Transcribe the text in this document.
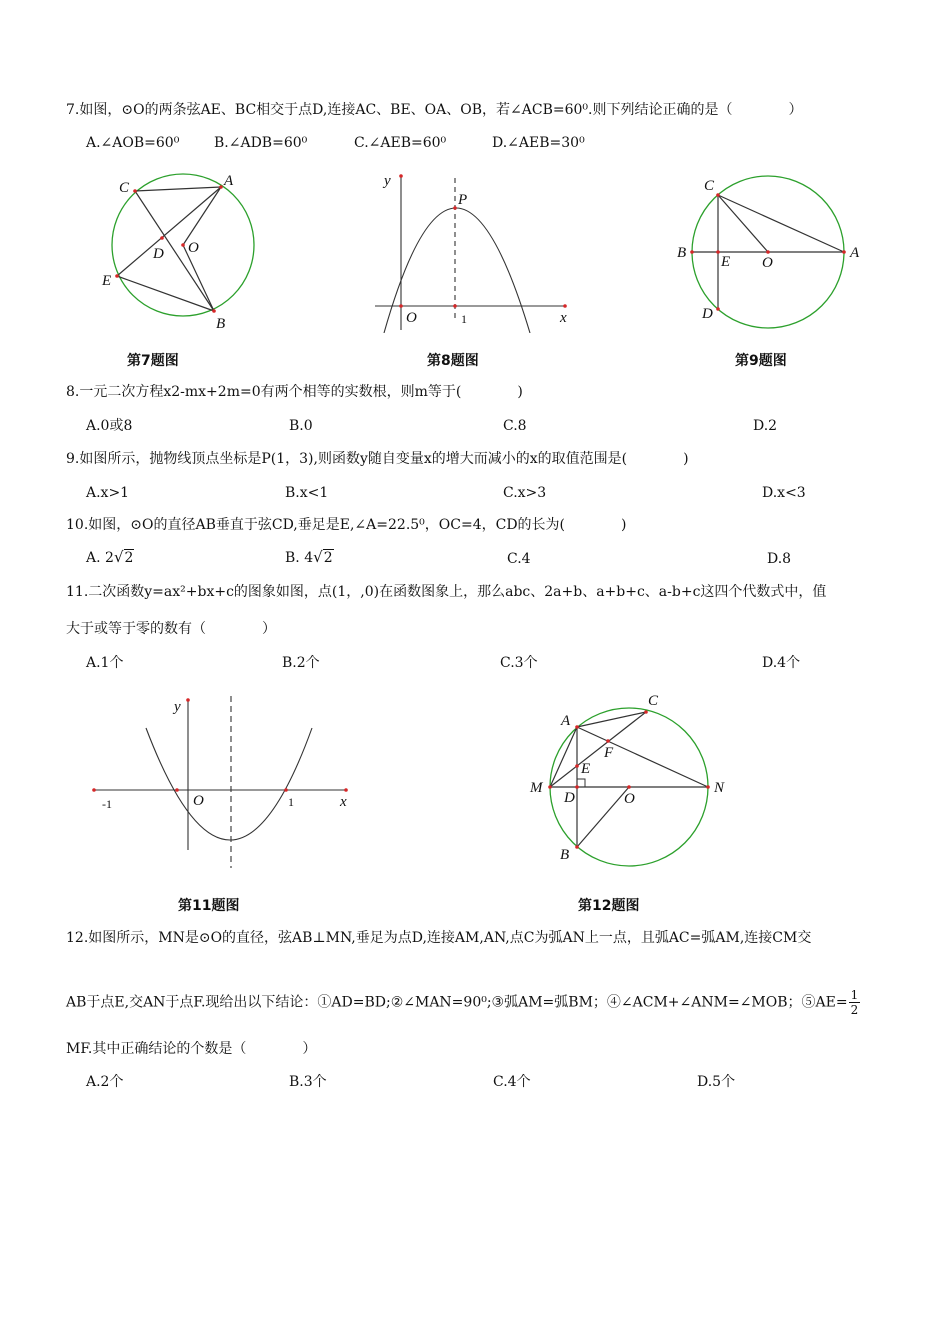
7.如图，⊙O的两条弦AE、BC相交于点D,连接AC、BE、OA、OB，若∠ACB=60⁰.则下列结论正确的是（　　　　）
A.∠AOB=60⁰ B.∠ADB=60⁰	C.∠AEB=60⁰	D.∠AEB=30⁰
C	A
D O
E
B
第7题图
y
P
O	1	x
第8题图
C
B
E O
A
D
第9题图
8.一元二次方程x2-mx+2m=0有两个相等的实数根，则m等于(　　　　)
A.0或8	B.0	C.8	D.2
9.如图所示，抛物线顶点坐标是P(1，3),则函数y随自变量x的增大而减小的x的取值范围是(　　　　)
A.x>1	B.x<1	C.x>3	D.x<3
10.如图，⊙O的直径AB垂直于弦CD,垂足是E,∠A=22.5⁰，OC=4，CD的长为(　　　　)
A. 2√2	B. 4√2	C.4	D.8
11.二次函数y=ax²+bx+c的图象如图，点(1，,0)在函数图象上，那么abc、2a+b、a+b+c、a-b+c这四个代数式中，值
大于或等于零的数有（　　　　）
A.1个	B.2个	C.3个	D.4个
y
-1	O	1	x
第11题图
A
C
F
E
M
D	O
N
B
第12题图
12.如图所示，MN是⊙O的直径，弦AB⊥MN,垂足为点D,连接AM,AN,点C为弧AN上一点，且弧AC=弧AM,连接CM交
AB于点E,交AN于点F.现给出以下结论：①AD=BD;②∠MAN=90⁰;③弧AM=弧BM；④∠ACM+∠ANM=∠MOB；⑤AE= $\frac{1}{2}$
MF.其中正确结论的个数是（　　　　）
A.2个	B.3个	C.4个	D.5个
